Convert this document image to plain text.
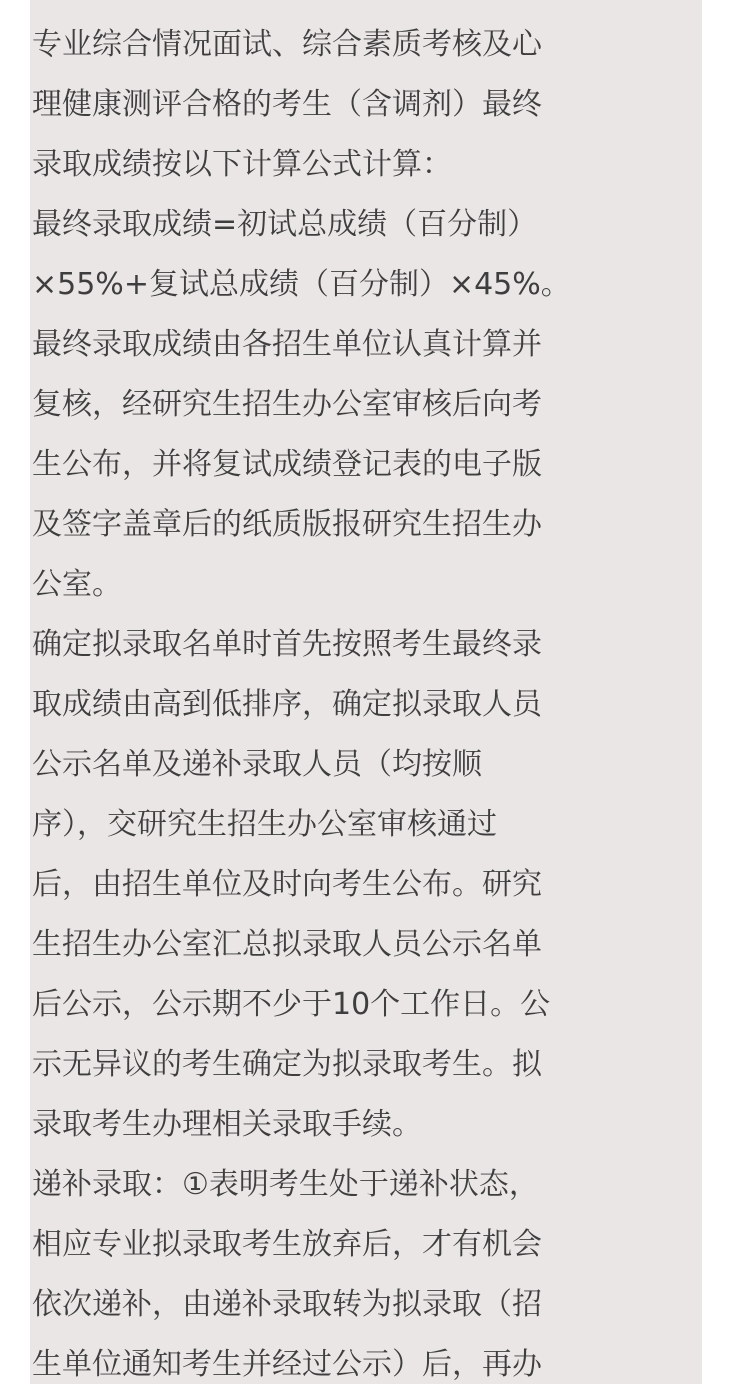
专业综合情况面试、综合素质考核及心
理健康测评合格的考生（含调剂）最终
录取成绩按以下计算公式计算：
最终录取成绩=初试总成绩（百分制）
×55%+复试总成绩（百分制）×45%。
最终录取成绩由各招生单位认真计算并
复核，经研究生招生办公室审核后向考
生公布，并将复试成绩登记表的电子版
及签字盖章后的纸质版报研究生招生办
公室。
确定拟录取名单时首先按照考生最终录
取成绩由高到低排序，确定拟录取人员
公示名单及递补录取人员（均按顺
序），交研究生招生办公室审核通过
后，由招生单位及时向考生公布。研究
生招生办公室汇总拟录取人员公示名单
后公示，公示期不少于10个工作日。公
示无异议的考生确定为拟录取考生。拟
录取考生办理相关录取手续。
递补录取：①表明考生处于递补状态，
相应专业拟录取考生放弃后，才有机会
依次递补，由递补录取转为拟录取（招
生单位通知考生并经过公示）后，再办
